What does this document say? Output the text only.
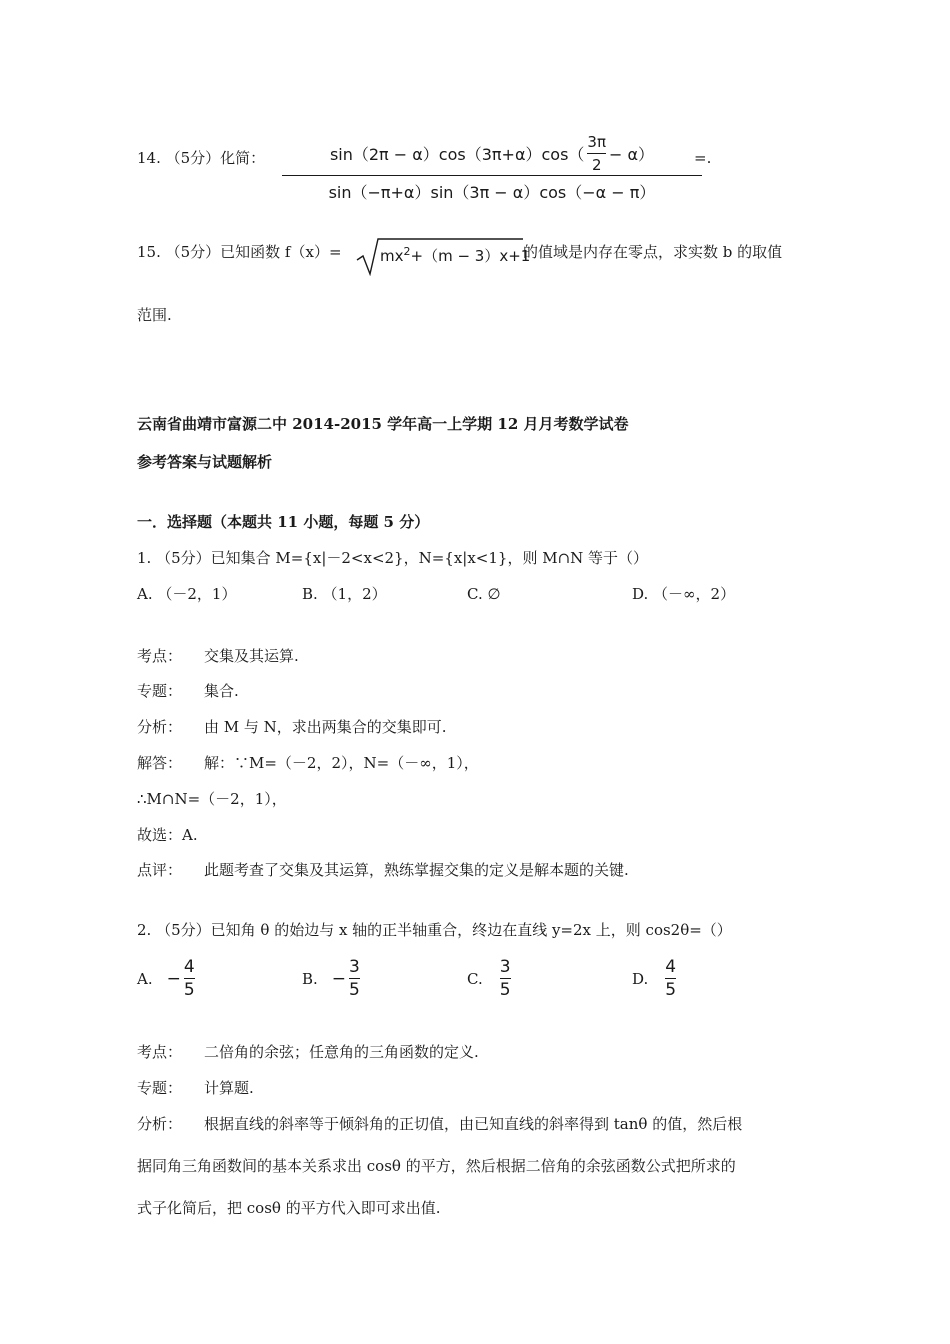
14. （5分）化简：	sin（2π − α）cos（3π+α）cos（
3π
2
− α）
sin（−π+α）sin（3π − α）cos（−α − π）
=.
15. （5分）已知函数 f（x）=	$mx^2+(m - 3)x+1$
的值域是内存在零点，求实数 b 的取值
范围.
云南省曲靖市富源二中 2014-2015 学年高一上学期 12 月月考数学试卷
参考答案与试题解析
一．选择题（本题共 11 小题，每题 5 分）
1. （5分）已知集合 M={x|－2<x<2}，N={x|x<1}，则 M∩N 等于（）
A. （－2，1）	B. （1，2）	C. ∅	D. （－∞，2）
考点： 交集及其运算.
专题： 集合.
分析： 由 M 与 N，求出两集合的交集即可.
解答： 解：∵M=（－2，2），N=（－∞，1），
∴M∩N=（－2，1），
故选：A.
点评： 此题考查了交集及其运算，熟练掌握交集的定义是解本题的关键.
2. （5分）已知角 θ 的始边与 x 轴的正半轴重合，终边在直线 y=2x 上，则 cos2θ=（）
A. −
4
5
B. −
3
5
C.
3
5
D.
4
5
考点： 二倍角的余弦；任意角的三角函数的定义.
专题： 计算题.
分析： 根据直线的斜率等于倾斜角的正切值，由已知直线的斜率得到 tanθ 的值，然后根
据同角三角函数间的基本关系求出 cosθ 的平方，然后根据二倍角的余弦函数公式把所求的
式子化简后，把 cosθ 的平方代入即可求出值.
